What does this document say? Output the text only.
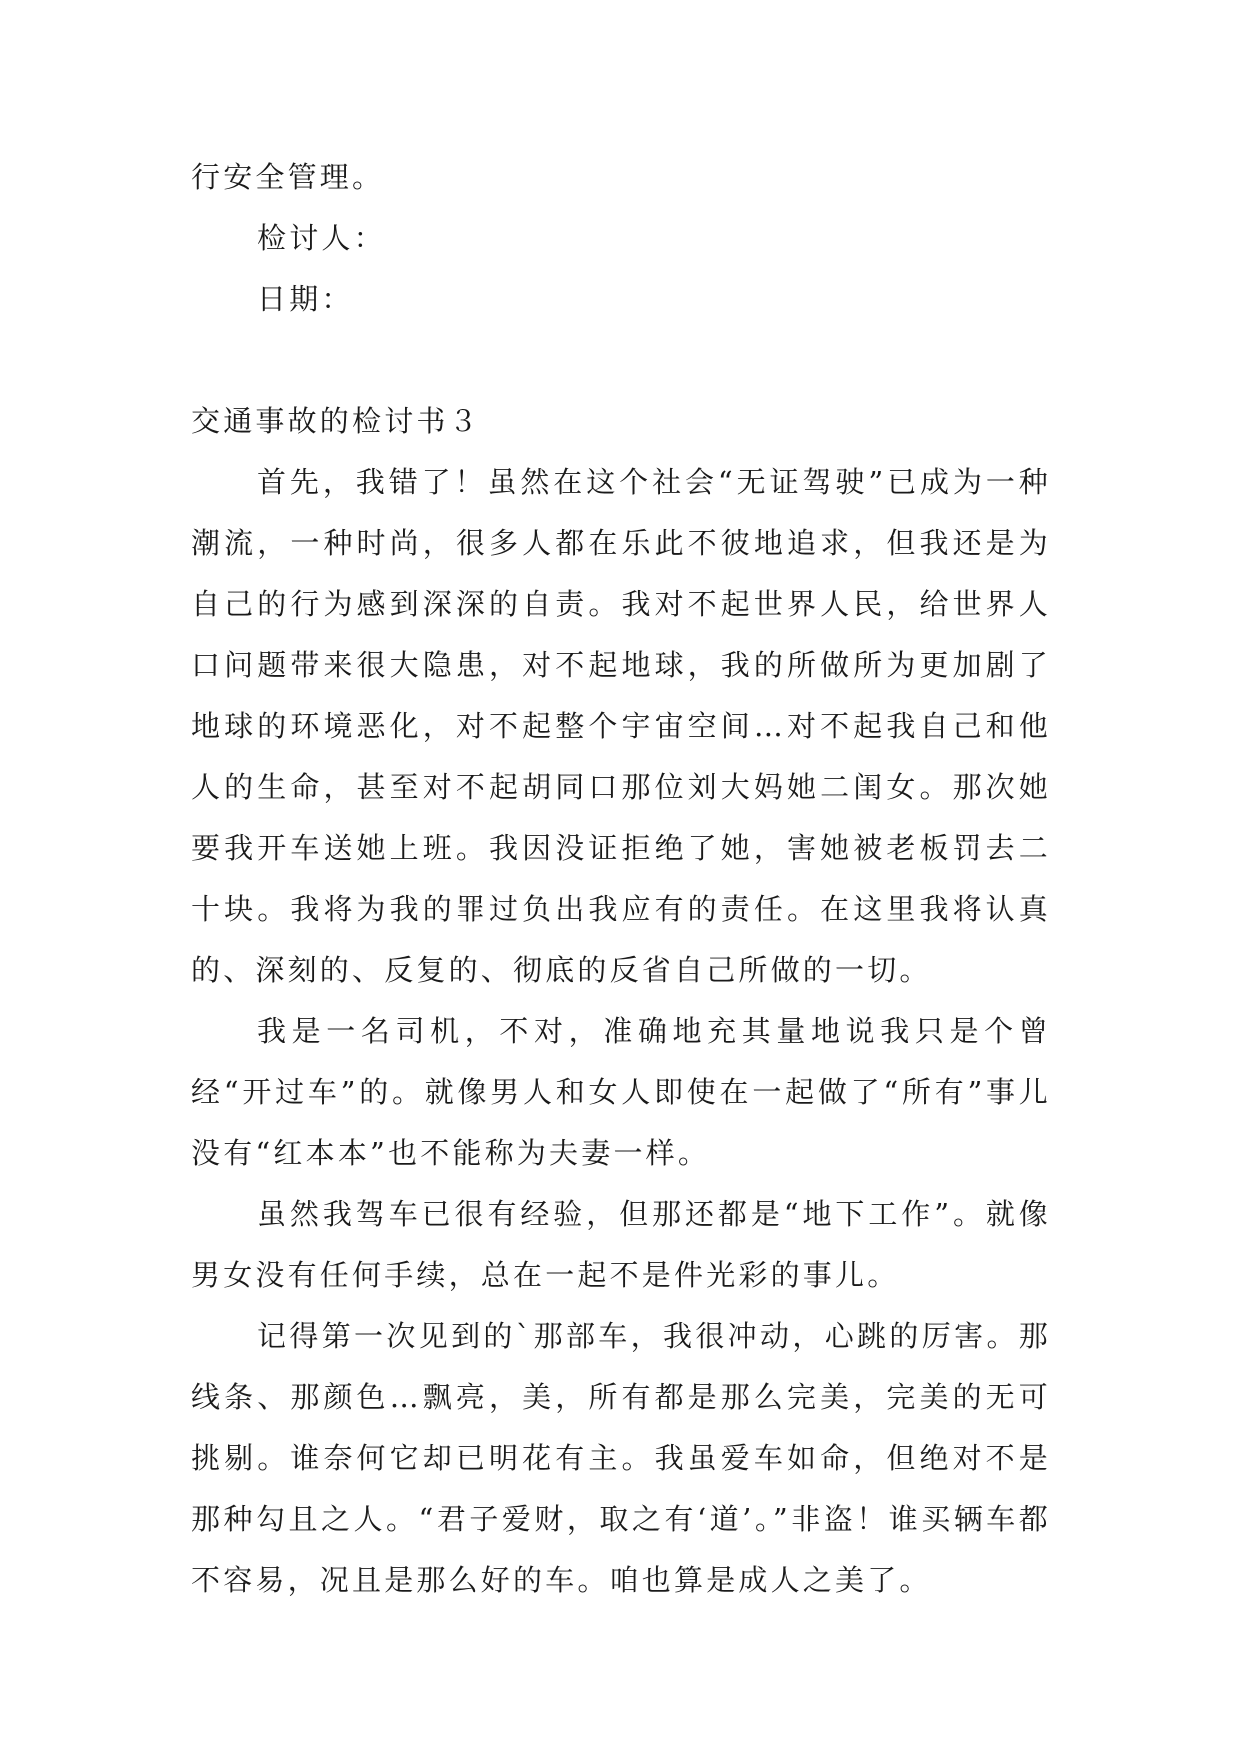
行安全管理。

检讨人：

日期：

交通事故的检讨书３

首先，我错了！虽然在这个社会“无证驾驶”已成为一种潮流，一种时尚，很多人都在乐此不彼地追求，但我还是为自己的行为感到深深的自责。我对不起世界人民，给世界人口问题带来很大隐患，对不起地球，我的所做所为更加剧了地球的环境恶化，对不起整个宇宙空间…对不起我自己和他人的生命，甚至对不起胡同口那位刘大妈她二闺女。那次她要我开车送她上班。我因没证拒绝了她，害她被老板罚去二十块。我将为我的罪过负出我应有的责任。在这里我将认真的、深刻的、反复的、彻底的反省自己所做的一切。

我是一名司机，不对，准确地充其量地说我只是个曾经“开过车”的。就像男人和女人即使在一起做了“所有”事儿没有“红本本”也不能称为夫妻一样。

虽然我驾车已很有经验，但那还都是“地下工作”。就像男女没有任何手续，总在一起不是件光彩的事儿。

记得第一次见到的`那部车，我很冲动，心跳的厉害。那线条、那颜色…飘亮，美，所有都是那么完美，完美的无可挑剔。谁奈何它却已明花有主。我虽爱车如命，但绝对不是那种勾且之人。“君子爱财，取之有‘道’。”非盗！谁买辆车都不容易，况且是那么好的车。咱也算是成人之美了。
